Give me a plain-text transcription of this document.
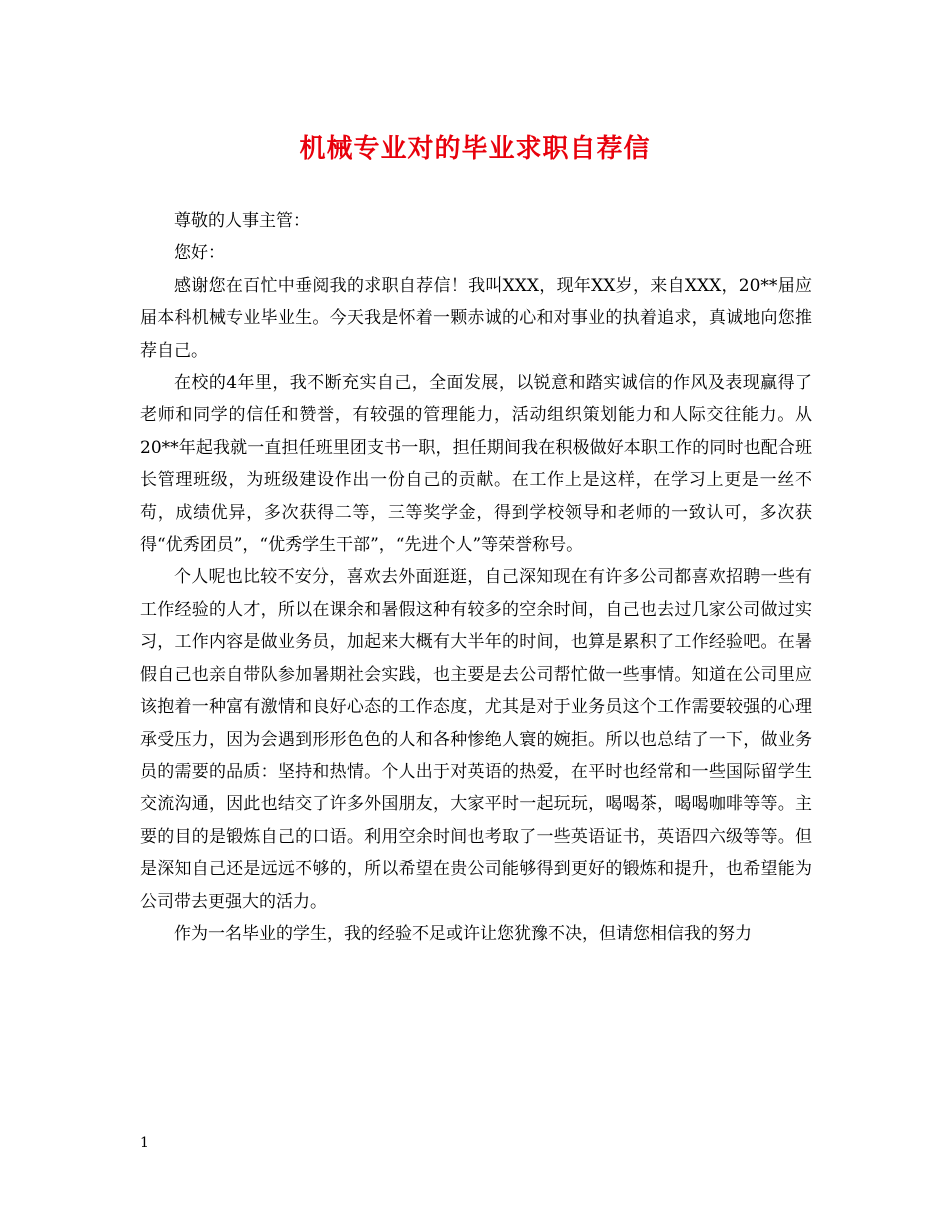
机械专业对的毕业求职自荐信

尊敬的人事主管：

您好：

感谢您在百忙中垂阅我的求职自荐信！我叫XXX，现年XX岁，来自XXX，20**届应届本科机械专业毕业生。今天我是怀着一颗赤诚的心和对事业的执着追求，真诚地向您推荐自己。

在校的4年里，我不断充实自己，全面发展，以锐意和踏实诚信的作风及表现赢得了老师和同学的信任和赞誉，有较强的管理能力，活动组织策划能力和人际交往能力。从20**年起我就一直担任班里团支书一职，担任期间我在积极做好本职工作的同时也配合班长管理班级，为班级建设作出一份自己的贡献。在工作上是这样，在学习上更是一丝不苟，成绩优异，多次获得二等，三等奖学金，得到学校领导和老师的一致认可，多次获得“优秀团员”，“优秀学生干部”，“先进个人”等荣誉称号。

个人呢也比较不安分，喜欢去外面逛逛，自己深知现在有许多公司都喜欢招聘一些有工作经验的人才，所以在课余和暑假这种有较多的空余时间，自己也去过几家公司做过实习，工作内容是做业务员，加起来大概有大半年的时间，也算是累积了工作经验吧。在暑假自己也亲自带队参加暑期社会实践，也主要是去公司帮忙做一些事情。知道在公司里应该抱着一种富有激情和良好心态的工作态度，尤其是对于业务员这个工作需要较强的心理承受压力，因为会遇到形形色色的人和各种惨绝人寰的婉拒。所以也总结了一下，做业务员的需要的品质：坚持和热情。个人出于对英语的热爱，在平时也经常和一些国际留学生交流沟通，因此也结交了许多外国朋友，大家平时一起玩玩，喝喝茶，喝喝咖啡等等。主要的目的是锻炼自己的口语。利用空余时间也考取了一些英语证书，英语四六级等等。但是深知自己还是远远不够的，所以希望在贵公司能够得到更好的锻炼和提升，也希望能为公司带去更强大的活力。

作为一名毕业的学生，我的经验不足或许让您犹豫不决，但请您相信我的努力

1
